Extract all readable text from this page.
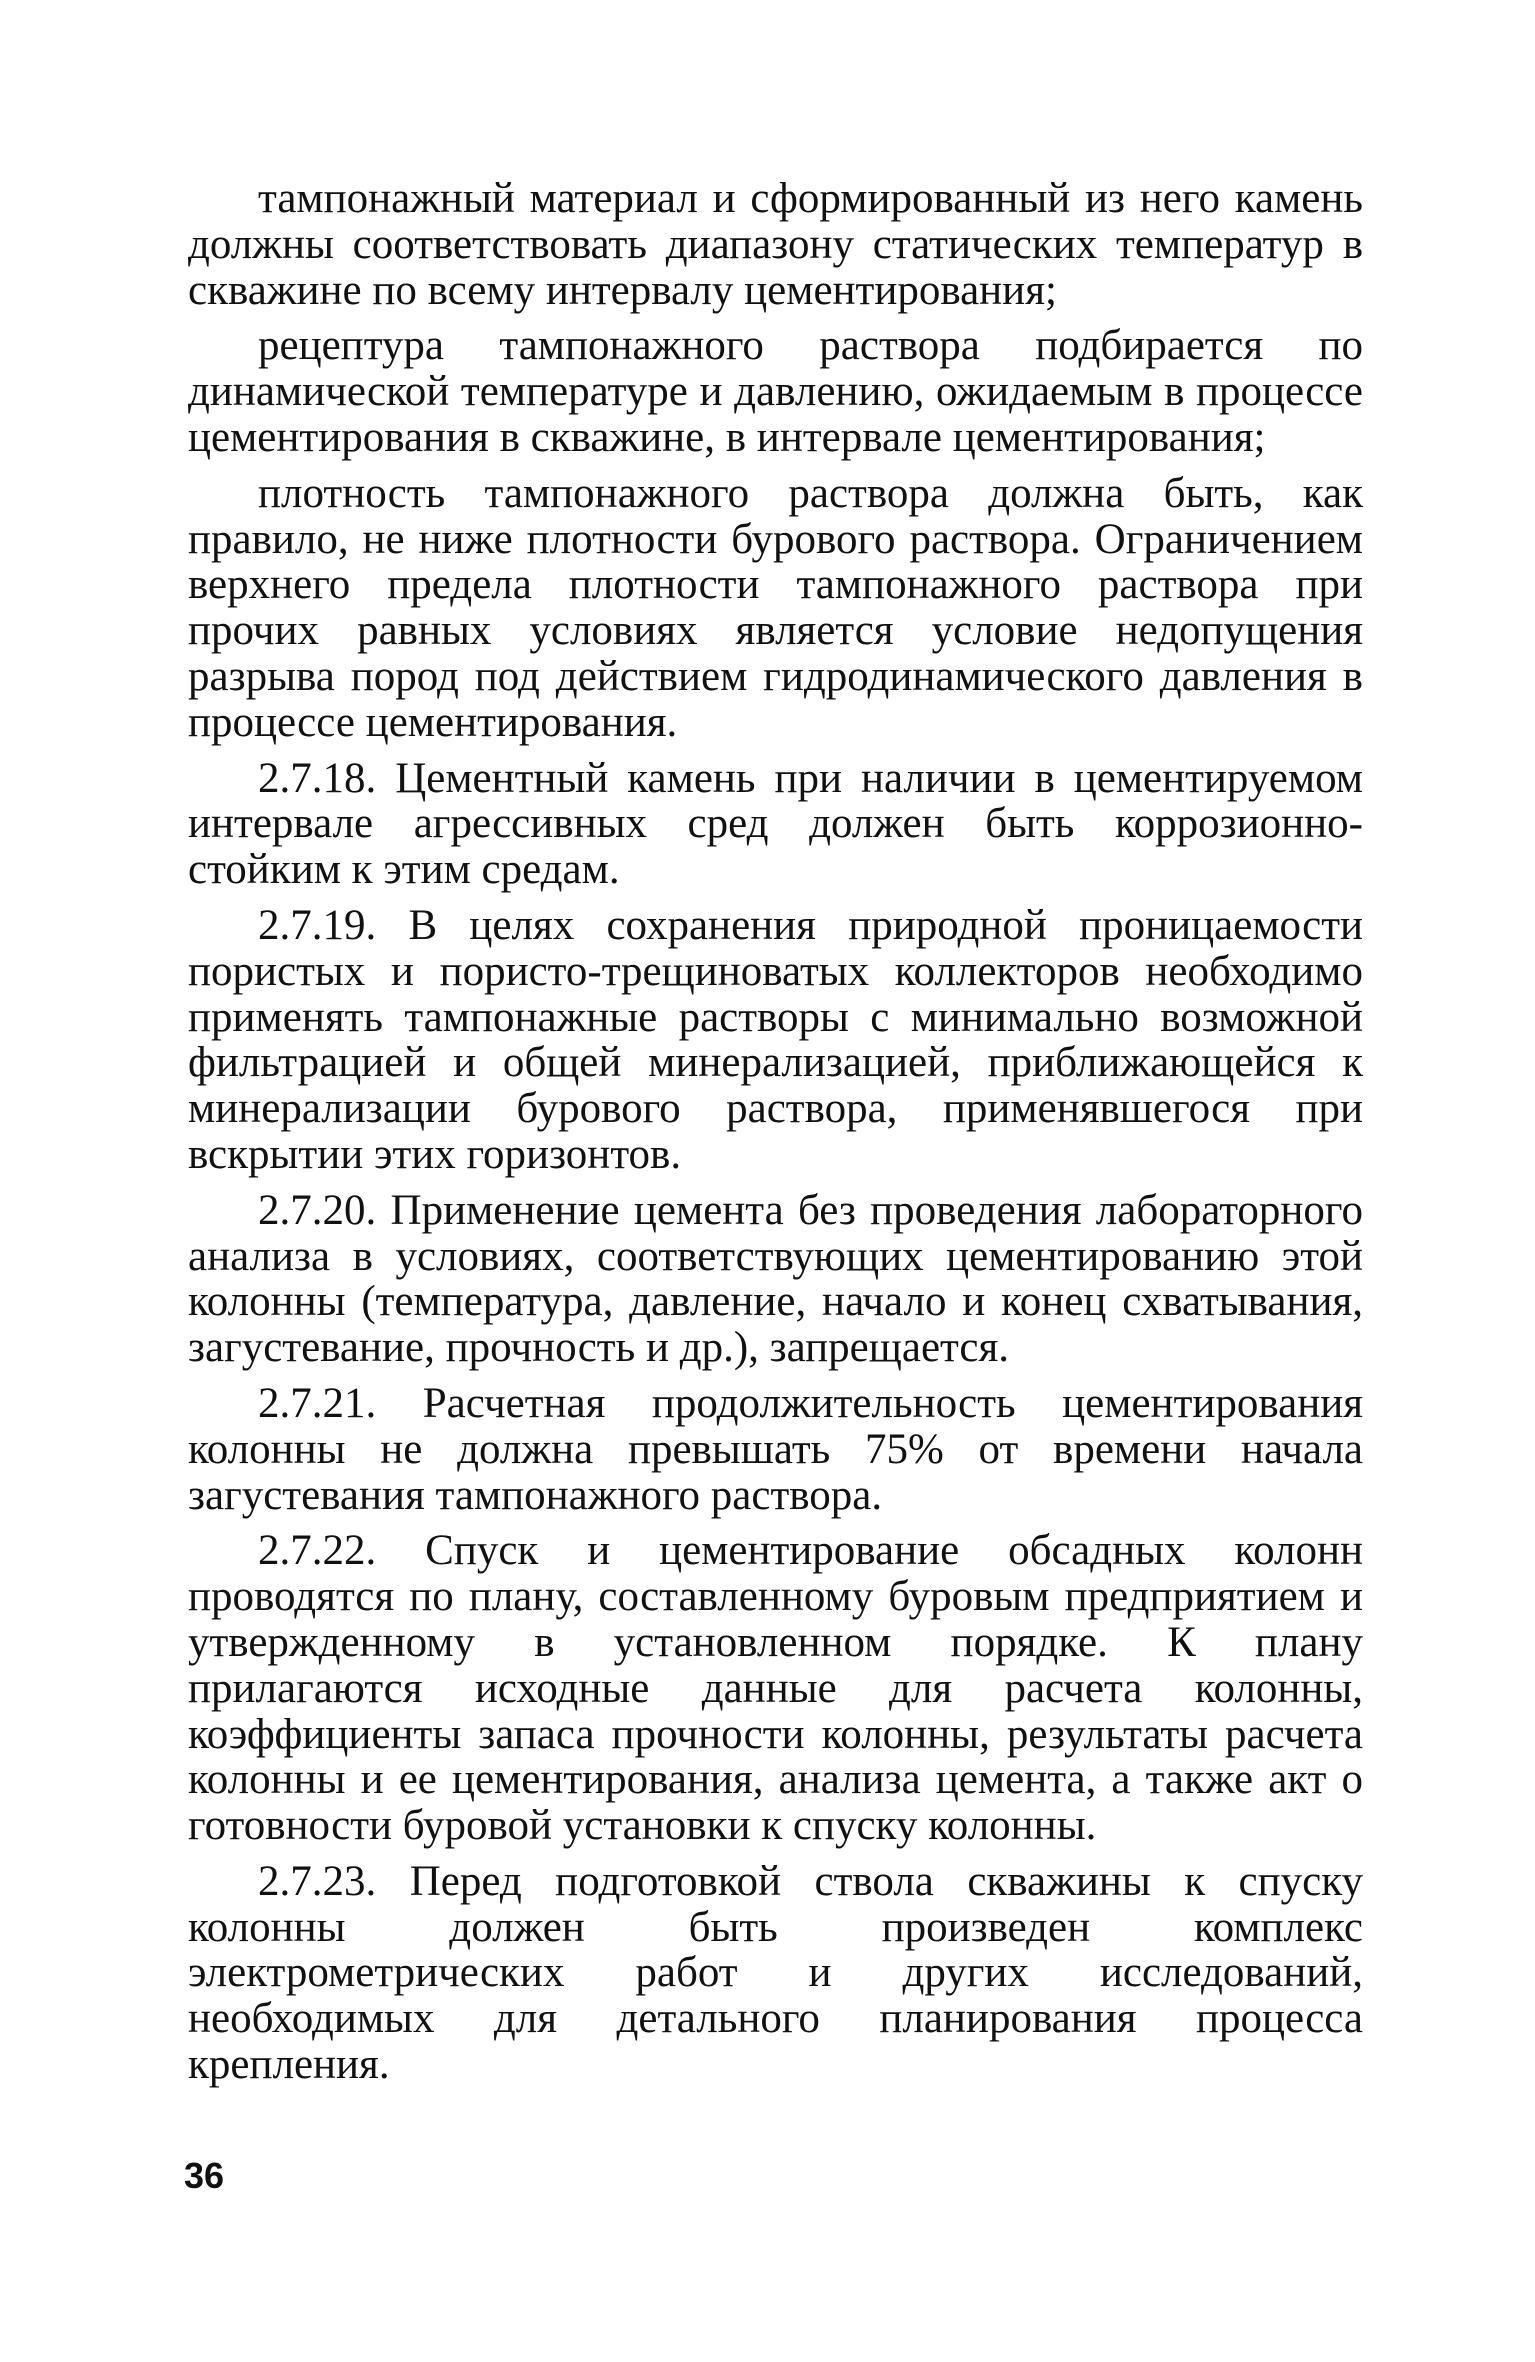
тампонажный материал и сформированный из него камень должны соответствовать диапазону статических температур в скважине по всему интервалу цементирования;

рецептура тампонажного раствора подбирается по динамической температуре и давлению, ожидаемым в процессе цементирования в скважине, в интервале цементирования;

плотность тампонажного раствора должна быть, как правило, не ниже плотности бурового раствора. Ограничением верхнего предела плотности тампонажного раствора при прочих равных условиях является условие недопущения разрыва пород под действием гидродинамического давления в процессе цементирования.

2.7.18. Цементный камень при наличии в цементируемом интервале агрессивных сред должен быть коррозионно-стойким к этим средам.

2.7.19. В целях сохранения природной проницаемости пористых и пористо-трещиноватых коллекторов необходимо применять тампонажные растворы с минимально возможной фильтрацией и общей минерализацией, приближающейся к минерализации бурового раствора, применявшегося при вскрытии этих горизонтов.

2.7.20. Применение цемента без проведения лабораторного анализа в условиях, соответствующих цементированию этой колонны (температура, давление, начало и конец схватывания, загустевание, прочность и др.), запрещается.

2.7.21. Расчетная продолжительность цементирования колонны не должна превышать 75% от времени начала загустевания тампонажного раствора.

2.7.22. Спуск и цементирование обсадных колонн проводятся по плану, составленному буровым предприятием и утвержденному в установленном порядке. К плану прилагаются исходные данные для расчета колонны, коэффициенты запаса прочности колонны, результаты расчета колонны и ее цементирования, анализа цемента, а также акт о готовности буровой установки к спуску колонны.

2.7.23. Перед подготовкой ствола скважины к спуску колонны должен быть произведен комплекс электрометрических работ и других исследований, необходимых для детального планирования процесса крепления.

36
